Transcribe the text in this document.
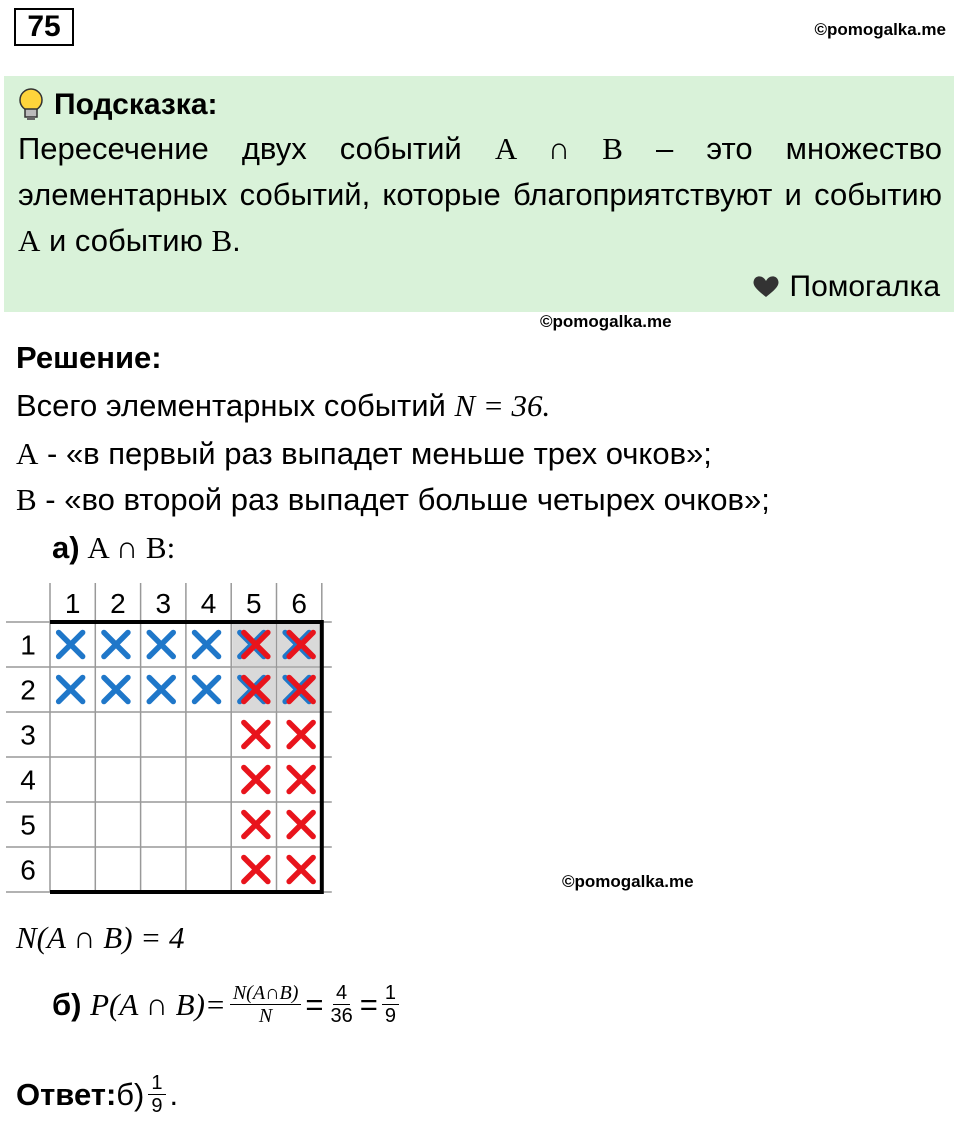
75	©pomogalka.me
Подсказка:
Пересечение двух событий A ∩ B – это множество элементарных событий, которые благоприятствуют и событию A и событию B.
Помогалка
©pomogalka.me
Решение:
Всего элементарных событий N = 36.
A - «в первый раз выпадет меньше трех очков»;
B - «во второй раз выпадет больше четырех очков»;
а) A ∩ B:
1 2 3 4 5 6
1
2
3
4
5
6	©pomogalka.me
N(A ∩ B) = 4
б)
P(A ∩ $B)= \frac{N(A\cap B)}{N} = \frac{4}{36} = \frac{1}{9}$
Ответ: $б) \frac{1}{9}$ .
